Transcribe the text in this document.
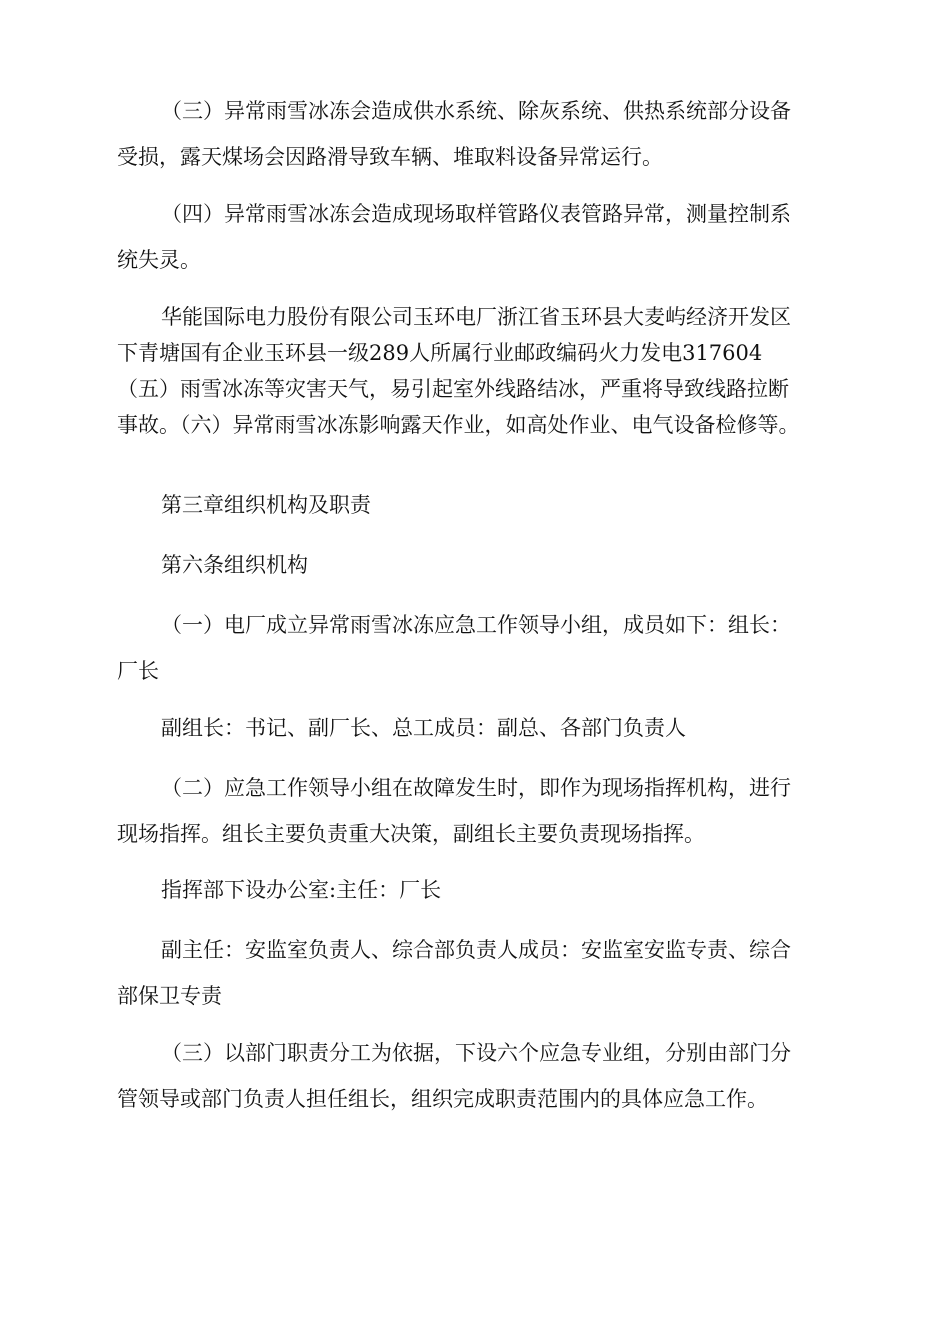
（三）异常雨雪冰冻会造成供水系统、除灰系统、供热系统部分设备
受损，露天煤场会因路滑导致车辆、堆取料设备异常运行。
（四）异常雨雪冰冻会造成现场取样管路仪表管路异常，测量控制系
统失灵。
华能国际电力股份有限公司玉环电厂浙江省玉环县大麦屿经济开发区
下青塘国有企业玉环县一级289人所属行业邮政编码火力发电317604
（五）雨雪冰冻等灾害天气，易引起室外线路结冰，严重将导致线路拉断
事故。（六）异常雨雪冰冻影响露天作业，如高处作业、电气设备检修等。
第三章组织机构及职责
第六条组织机构
（一）电厂成立异常雨雪冰冻应急工作领导小组，成员如下：组长：
厂长
副组长：书记、副厂长、总工成员：副总、各部门负责人
（二）应急工作领导小组在故障发生时，即作为现场指挥机构，进行
现场指挥。组长主要负责重大决策，副组长主要负责现场指挥。
指挥部下设办公室:主任：厂长
副主任：安监室负责人、综合部负责人成员：安监室安监专责、综合
部保卫专责
（三）以部门职责分工为依据，下设六个应急专业组，分别由部门分
管领导或部门负责人担任组长，组织完成职责范围内的具体应急工作。
